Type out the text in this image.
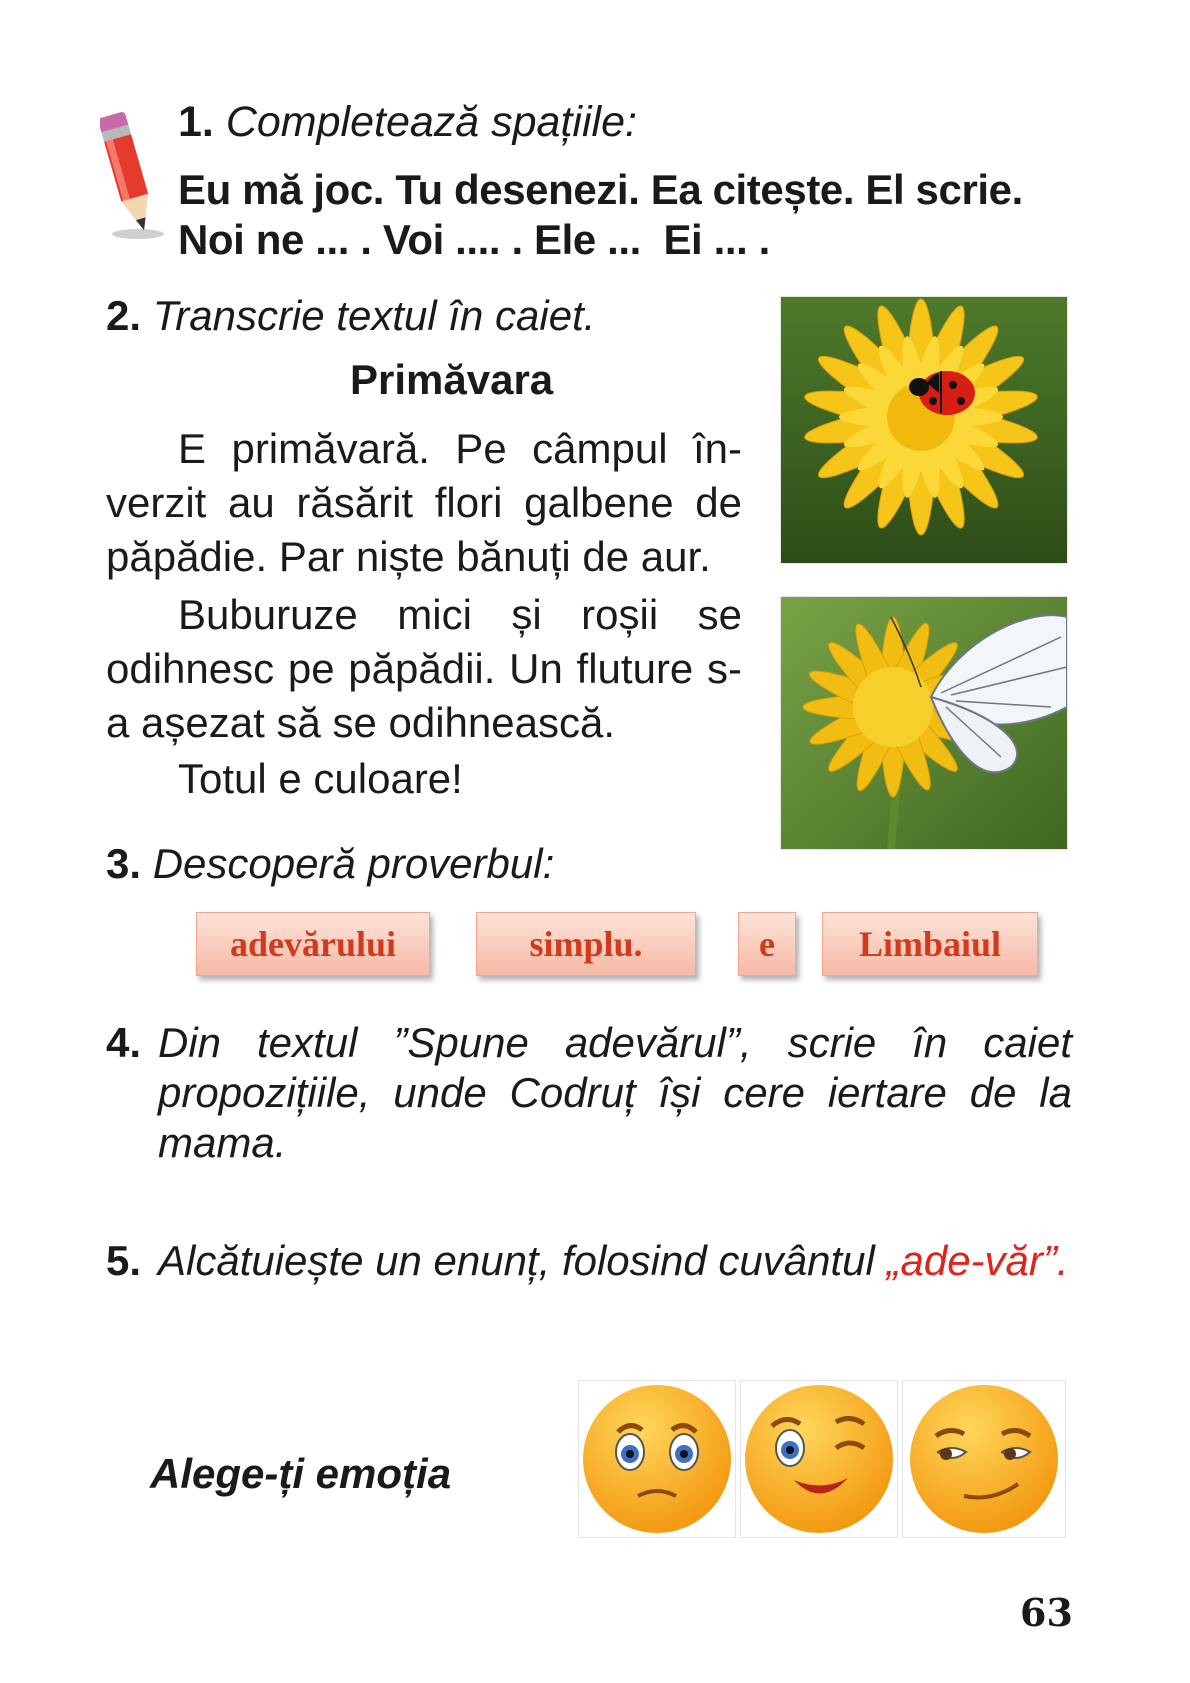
1. Completează spațiile:
Eu mă joc. Tu desenezi. Ea citește. El scrie.
Noi ne ... . Voi .... . Ele ...  Ei ... .
2. Transcrie textul în caiet.
Primăvara
E primăvară. Pe câmpul în-verzit au răsărit flori galbene de păpădie. Par niște bănuți de aur.
Buburuze mici și roșii se odihnesc pe păpădii. Un fluture s-a așezat să se odihnească.
Totul e culoare!
3. Descoperă proverbul:
adevărului	simplu.	e	Limbaiul
4. Din textul ”Spune adevărul”, scrie în caiet propozițiile, unde Codruț își cere iertare de la mama.
5. Alcătuiește un enunț, folosind cuvântul „ade-văr”.
Alege-ți emoția
63
